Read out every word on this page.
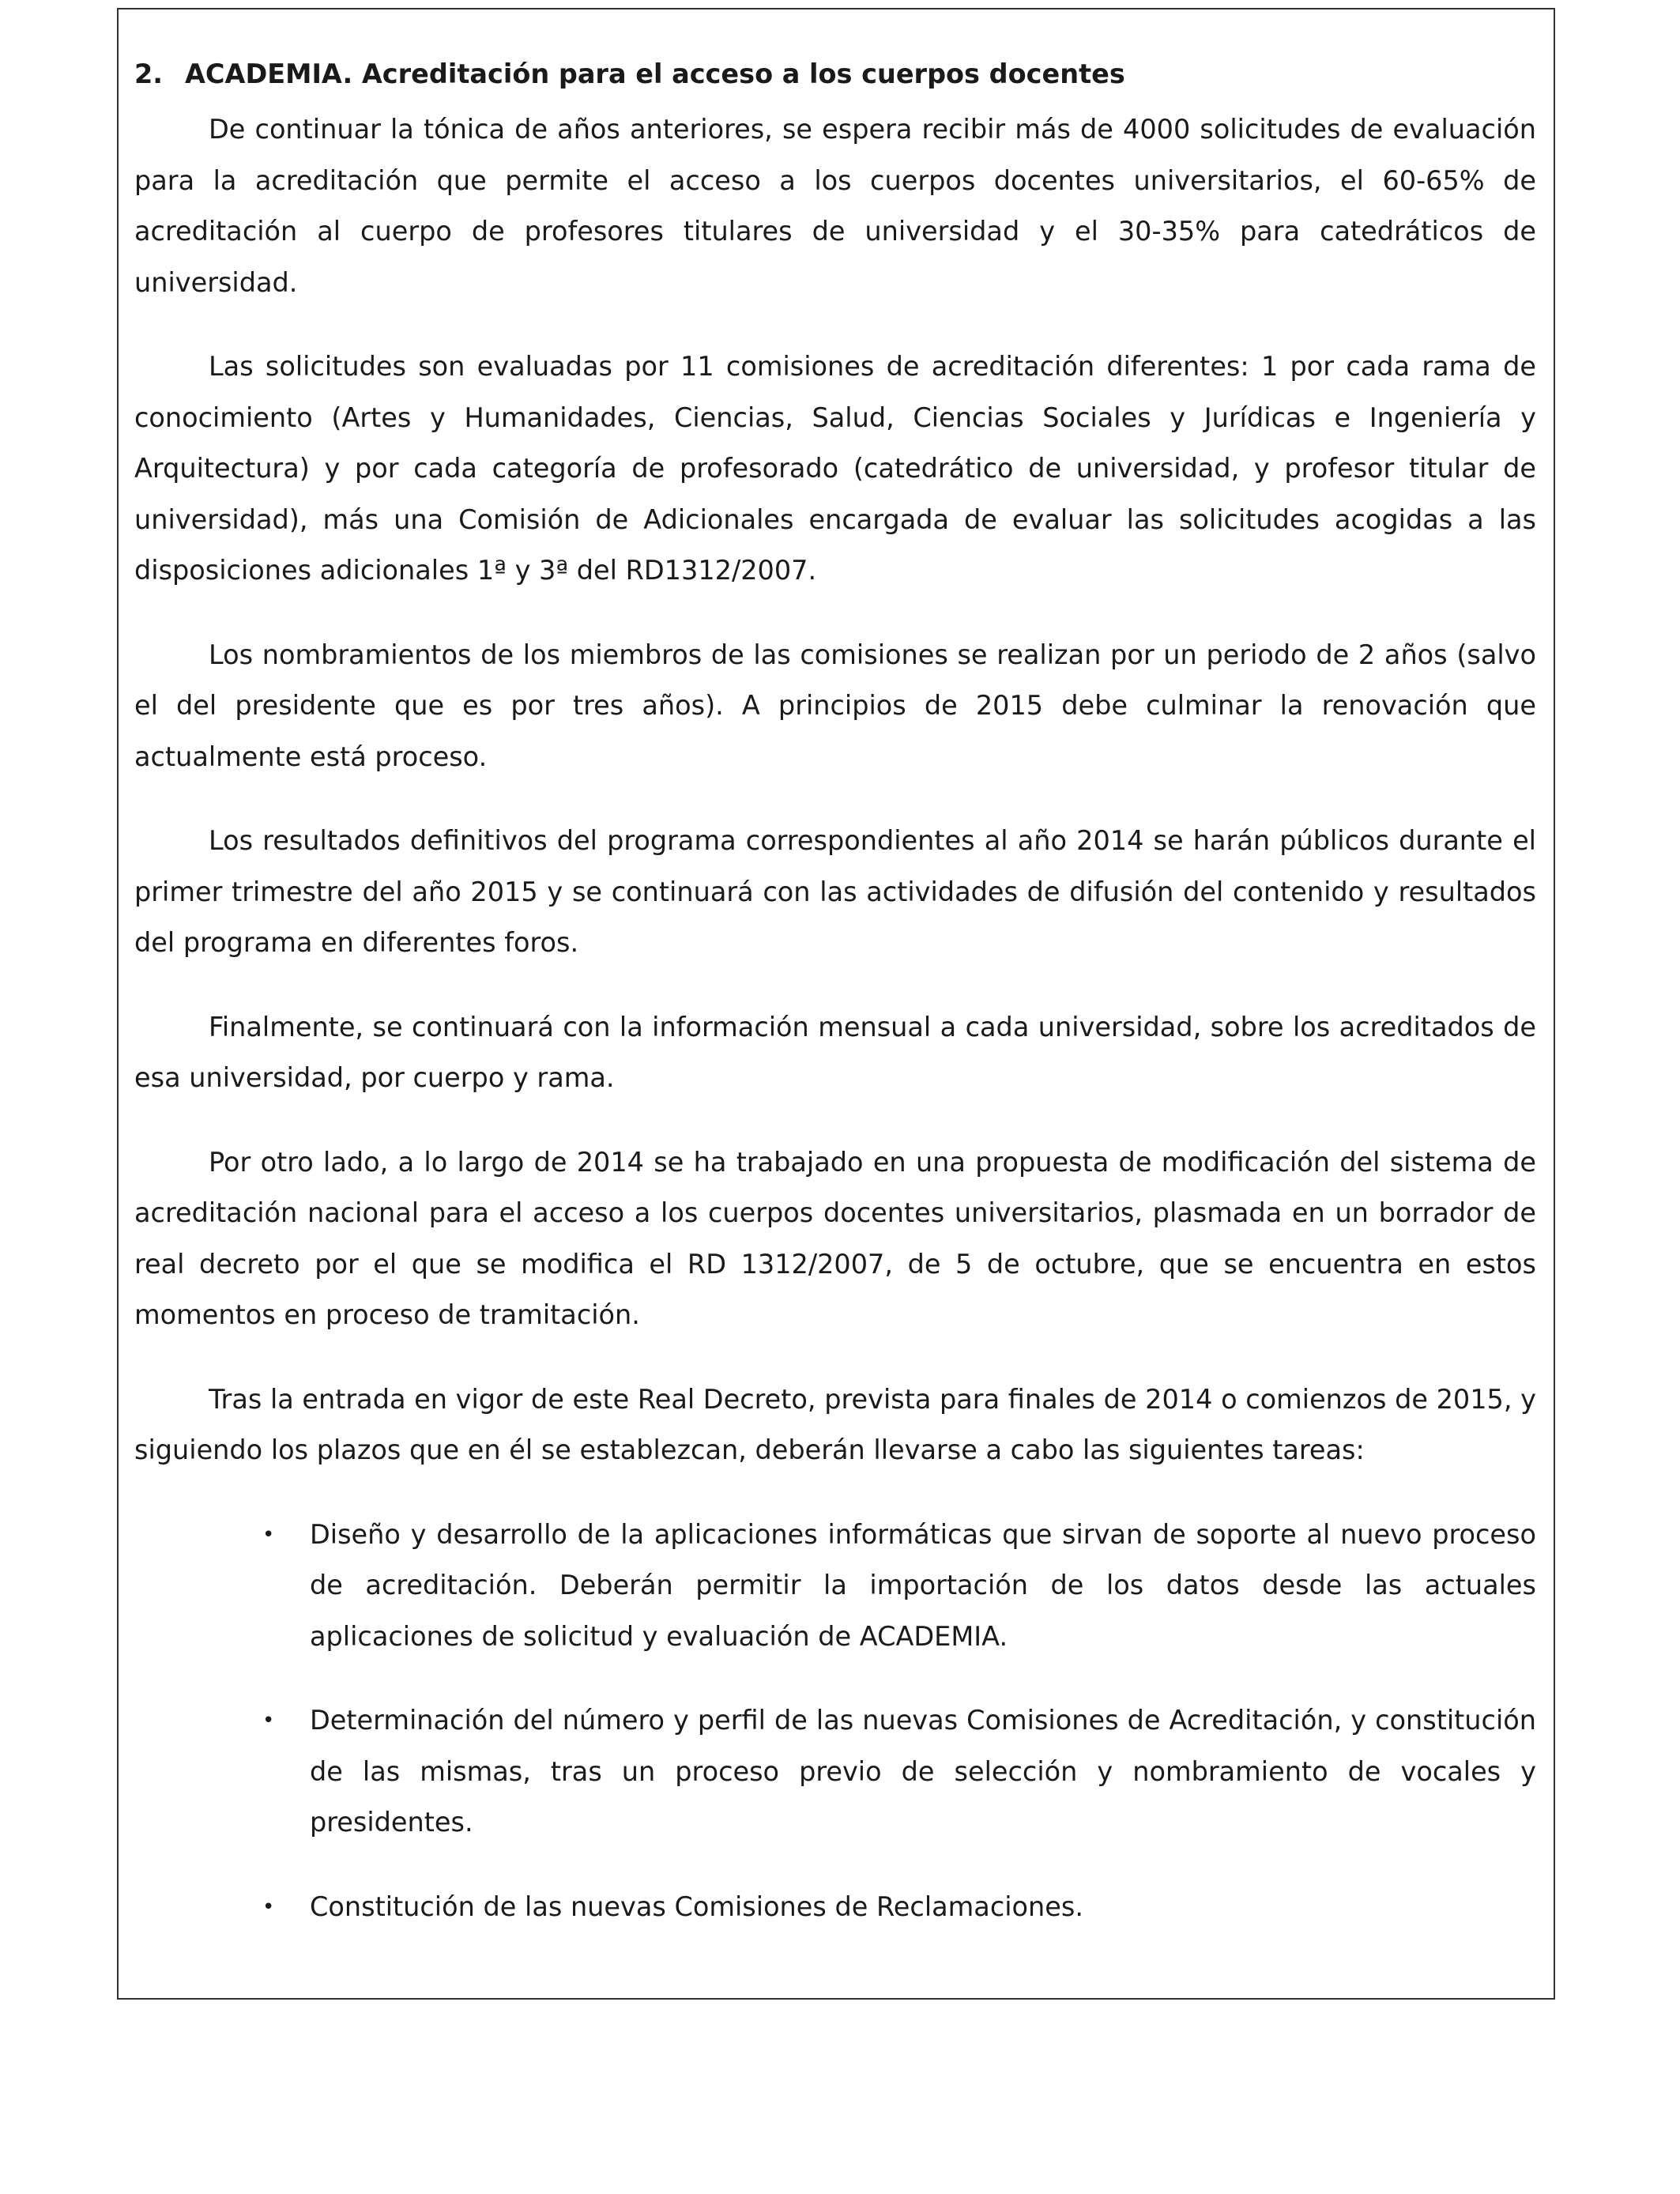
2. ACADEMIA. Acreditación para el acceso a los cuerpos docentes

De continuar la tónica de años anteriores, se espera recibir más de 4000 solicitudes de evaluación para la acreditación que permite el acceso a los cuerpos docentes universitarios, el 60-65% de acreditación al cuerpo de profesores titulares de universidad y el 30-35% para catedráticos de universidad.

Las solicitudes son evaluadas por 11 comisiones de acreditación diferentes: 1 por cada rama de conocimiento (Artes y Humanidades, Ciencias, Salud, Ciencias Sociales y Jurídicas e Ingeniería y Arquitectura) y por cada categoría de profesorado (catedrático de universidad, y profesor titular de universidad), más una Comisión de Adicionales encargada de evaluar las solicitudes acogidas a las disposiciones adicionales 1ª y 3ª del RD1312/2007.

Los nombramientos de los miembros de las comisiones se realizan por un periodo de 2 años (salvo el del presidente que es por tres años). A principios de 2015 debe culminar la renovación que actualmente está proceso.

Los resultados definitivos del programa correspondientes al año 2014 se harán públicos durante el primer trimestre del año 2015 y se continuará con las actividades de difusión del contenido y resultados del programa en diferentes foros.

Finalmente, se continuará con la información mensual a cada universidad, sobre los acreditados de esa universidad, por cuerpo y rama.

Por otro lado, a lo largo de 2014 se ha trabajado en una propuesta de modificación del sistema de acreditación nacional para el acceso a los cuerpos docentes universitarios, plasmada en un borrador de real decreto por el que se modifica el RD 1312/2007, de 5 de octubre, que se encuentra en estos momentos en proceso de tramitación.

Tras la entrada en vigor de este Real Decreto, prevista para finales de 2014 o comienzos de 2015, y siguiendo los plazos que en él se establezcan, deberán llevarse a cabo las siguientes tareas:

• Diseño y desarrollo de la aplicaciones informáticas que sirvan de soporte al nuevo proceso de acreditación. Deberán permitir la importación de los datos desde las actuales aplicaciones de solicitud y evaluación de ACADEMIA.
• Determinación del número y perfil de las nuevas Comisiones de Acreditación, y constitución de las mismas, tras un proceso previo de selección y nombramiento de vocales y presidentes.
• Constitución de las nuevas Comisiones de Reclamaciones.
